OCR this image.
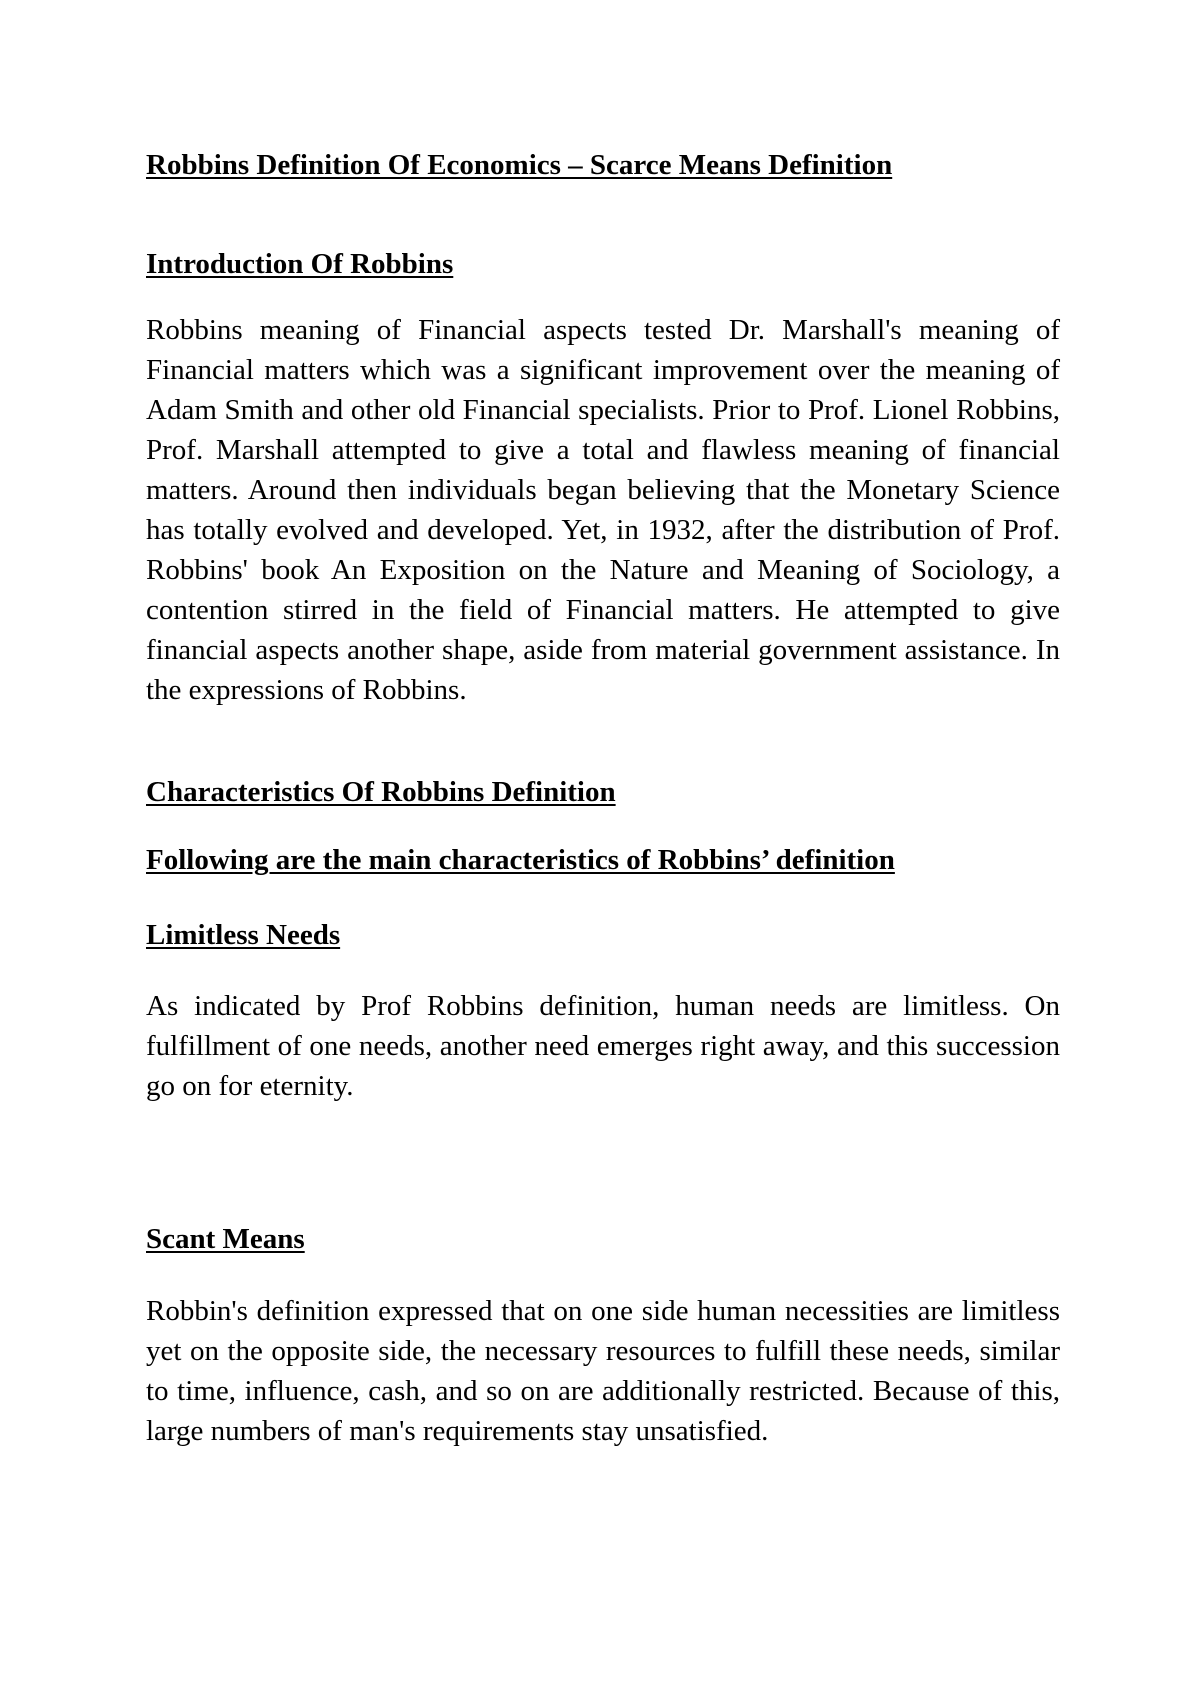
Robbins Definition Of Economics – Scarce Means Definition
Introduction Of Robbins

Robbins meaning of Financial aspects tested Dr. Marshall's meaning of Financial matters which was a significant improvement over the meaning of Adam Smith and other old Financial specialists. Prior to Prof. Lionel Robbins, Prof. Marshall attempted to give a total and flawless meaning of financial matters. Around then individuals began believing that the Monetary Science has totally evolved and developed. Yet, in 1932, after the distribution of Prof. Robbins' book An Exposition on the Nature and Meaning of Sociology, a contention stirred in the field of Financial matters. He attempted to give financial aspects another shape, aside from material government assistance. In the expressions of Robbins.

Characteristics Of Robbins Definition
Following are the main characteristics of Robbins’ definition
Limitless Needs

As indicated by Prof Robbins definition, human needs are limitless. On fulfillment of one needs, another need emerges right away, and this succession go on for eternity.

Scant Means

Robbin's definition expressed that on one side human necessities are limitless yet on the opposite side, the necessary resources to fulfill these needs, similar to time, influence, cash, and so on are additionally restricted. Because of this, large numbers of man's requirements stay unsatisfied.
